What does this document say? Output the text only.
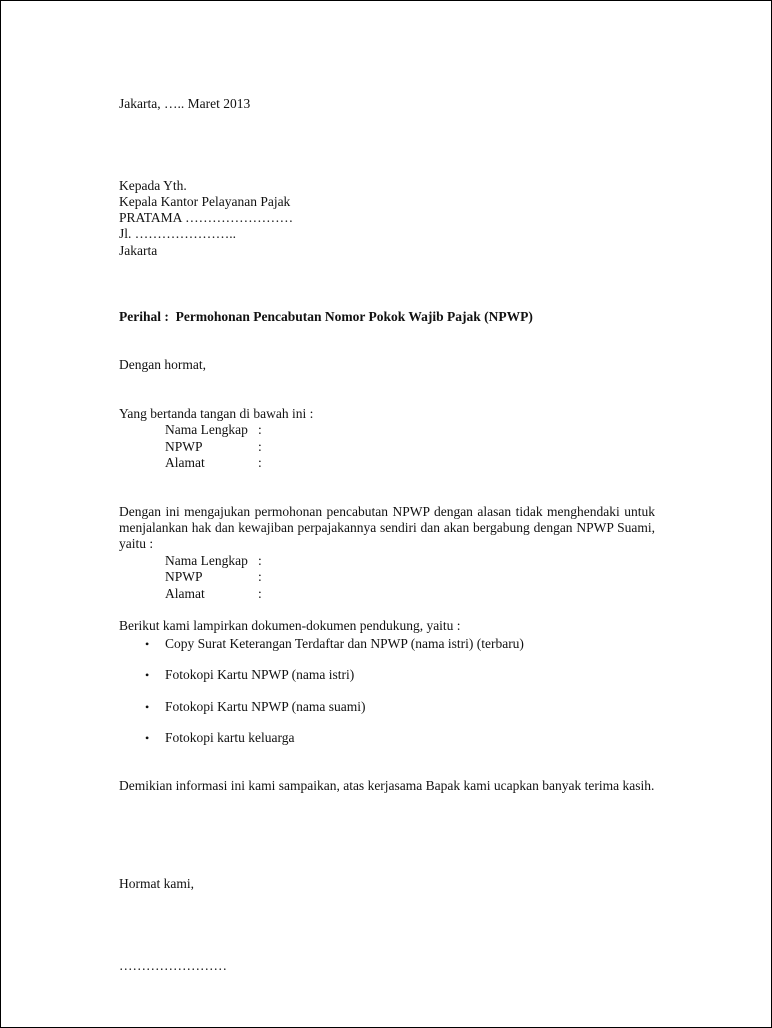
Jakarta, ….. Maret 2013
Kepada Yth.
Kepala Kantor Pelayanan Pajak
PRATAMA ……………………
Jl. …………………..
Jakarta
Perihal : Permohonan Pencabutan Nomor Pokok Wajib Pajak (NPWP)
Dengan hormat,
Yang bertanda tangan di bawah ini :
Nama Lengkap :
NPWP	:
Alamat	:

Dengan ini mengajukan permohonan pencabutan NPWP dengan alasan tidak menghendaki untuk menjalankan hak dan kewajiban perpajakannya sendiri dan akan bergabung dengan NPWP Suami, yaitu :

Nama Lengkap :
NPWP	:
Alamat	:
Berikut kami lampirkan dokumen-dokumen pendukung, yaitu :
•	Copy Surat Keterangan Terdaftar dan NPWP (nama istri) (terbaru)
•	Fotokopi Kartu NPWP (nama istri)
•	Fotokopi Kartu NPWP (nama suami)
•	Fotokopi kartu keluarga

Demikian informasi ini kami sampaikan, atas kerjasama Bapak kami ucapkan banyak terima kasih.

Hormat kami,
……………………
